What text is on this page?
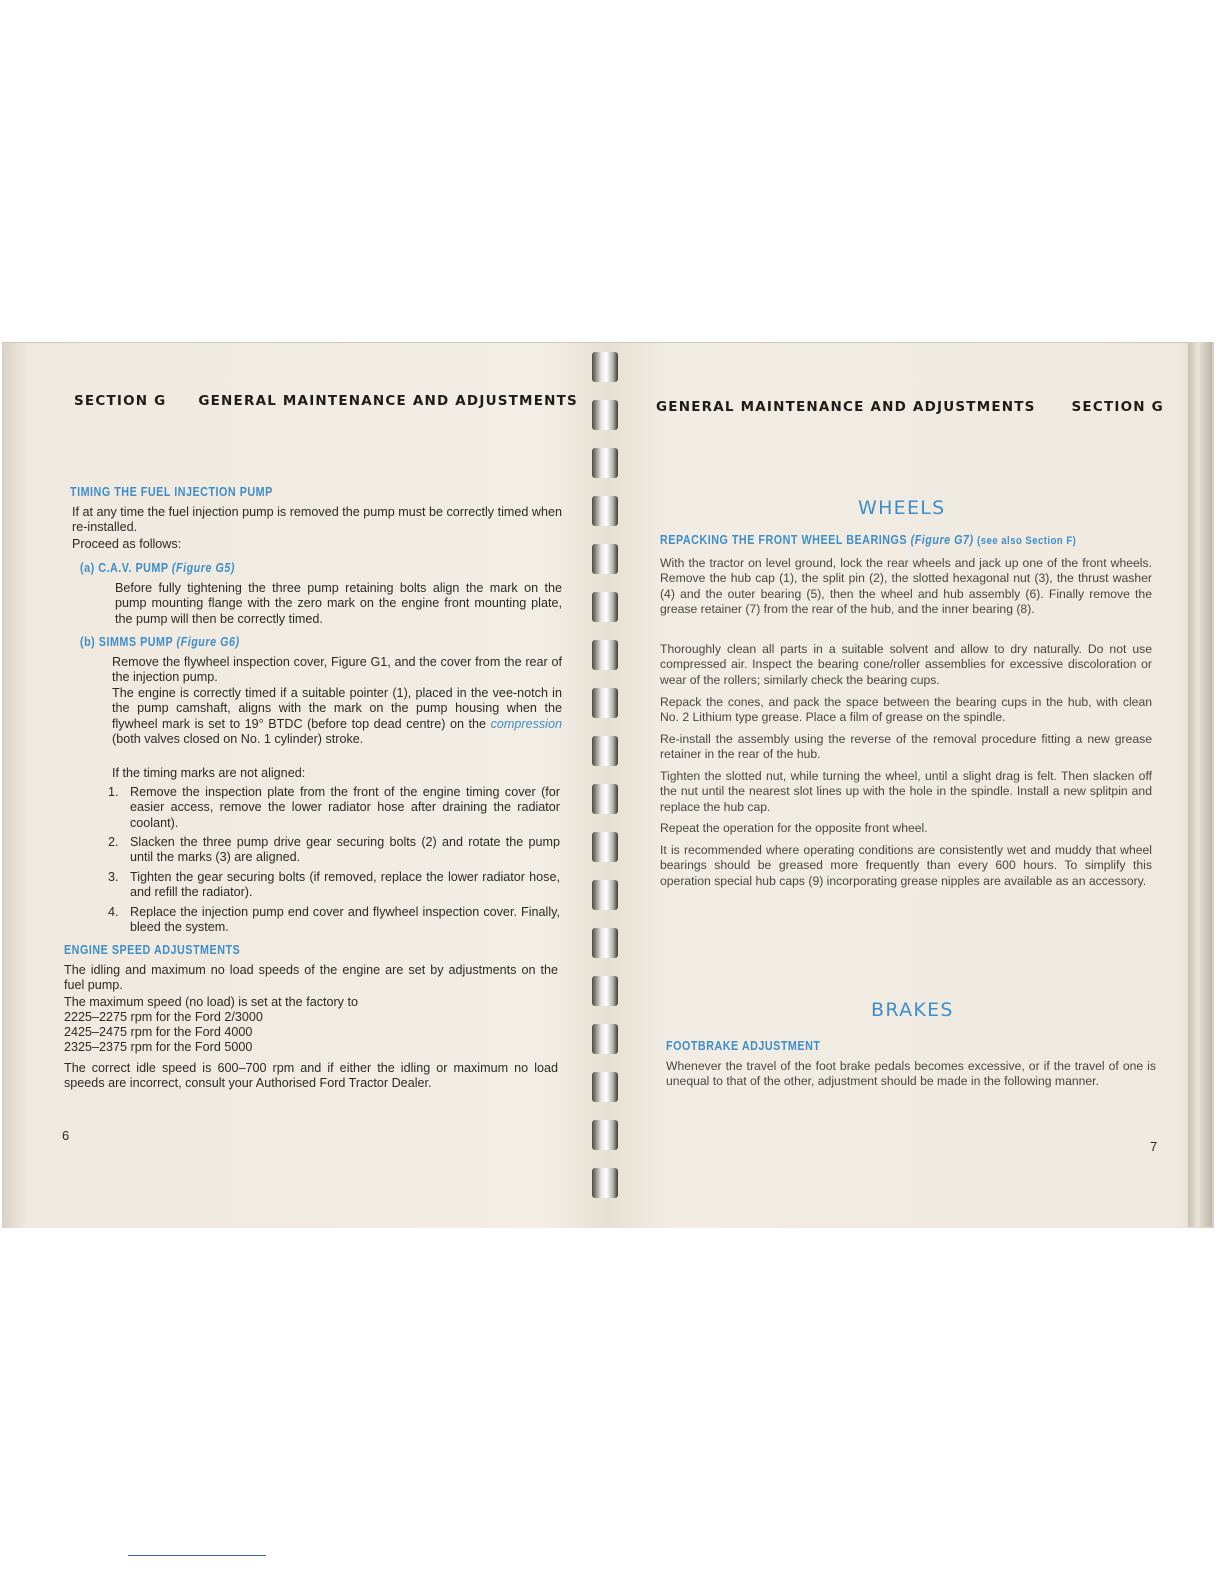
SECTION G GENERAL MAINTENANCE AND ADJUSTMENTS
TIMING THE FUEL INJECTION PUMP
If at any time the fuel injection pump is removed the pump must be correctly timed when re-installed.
Proceed as follows:
(a) C.A.V. PUMP (Figure G5)
Before fully tightening the three pump retaining bolts align the mark on the pump mounting flange with the zero mark on the engine front mounting plate, the pump will then be correctly timed.
(b) SIMMS PUMP (Figure G6)
Remove the flywheel inspection cover, Figure G1, and the cover from the rear of the injection pump.
The engine is correctly timed if a suitable pointer (1), placed in the vee-notch in the pump camshaft, aligns with the mark on the pump housing when the flywheel mark is set to 19° BTDC (before top dead centre) on the compression (both valves closed on No. 1 cylinder) stroke.
If the timing marks are not aligned:
1. Remove the inspection plate from the front of the engine timing cover (for easier access, remove the lower radiator hose after draining the radiator coolant).
2. Slacken the three pump drive gear securing bolts (2) and rotate the pump until the marks (3) are aligned.
3. Tighten the gear securing bolts (if removed, replace the lower radiator hose, and refill the radiator).
4. Replace the injection pump end cover and flywheel inspection cover. Finally, bleed the system.
ENGINE SPEED ADJUSTMENTS
The idling and maximum no load speeds of the engine are set by adjustments on the fuel pump.
The maximum speed (no load) is set at the factory to
2225–2275 rpm for the Ford 2/3000
2425–2475 rpm for the Ford 4000
2325–2375 rpm for the Ford 5000
The correct idle speed is 600–700 rpm and if either the idling or maximum no load speeds are incorrect, consult your Authorised Ford Tractor Dealer.
6
GENERAL MAINTENANCE AND ADJUSTMENTS	SECTION G
WHEELS
REPACKING THE FRONT WHEEL BEARINGS (Figure G7) (see also Section F)
With the tractor on level ground, lock the rear wheels and jack up one of the front wheels. Remove the hub cap (1), the split pin (2), the slotted hexagonal nut (3), the thrust washer (4) and the outer bearing (5), then the wheel and hub assembly (6). Finally remove the grease retainer (7) from the rear of the hub, and the inner bearing (8).
Thoroughly clean all parts in a suitable solvent and allow to dry naturally. Do not use compressed air. Inspect the bearing cone/roller assemblies for excessive discoloration or wear of the rollers; similarly check the bearing cups.
Repack the cones, and pack the space between the bearing cups in the hub, with clean No. 2 Lithium type grease. Place a film of grease on the spindle.
Re-install the assembly using the reverse of the removal procedure fitting a new grease retainer in the rear of the hub.
Tighten the slotted nut, while turning the wheel, until a slight drag is felt. Then slacken off the nut until the nearest slot lines up with the hole in the spindle. Install a new splitpin and replace the hub cap.
Repeat the operation for the opposite front wheel.
It is recommended where operating conditions are consistently wet and muddy that wheel bearings should be greased more frequently than every 600 hours. To simplify this operation special hub caps (9) incorporating grease nipples are available as an accessory.
BRAKES
FOOTBRAKE ADJUSTMENT
Whenever the travel of the foot brake pedals becomes excessive, or if the travel of one is unequal to that of the other, adjustment should be made in the following manner.
7
